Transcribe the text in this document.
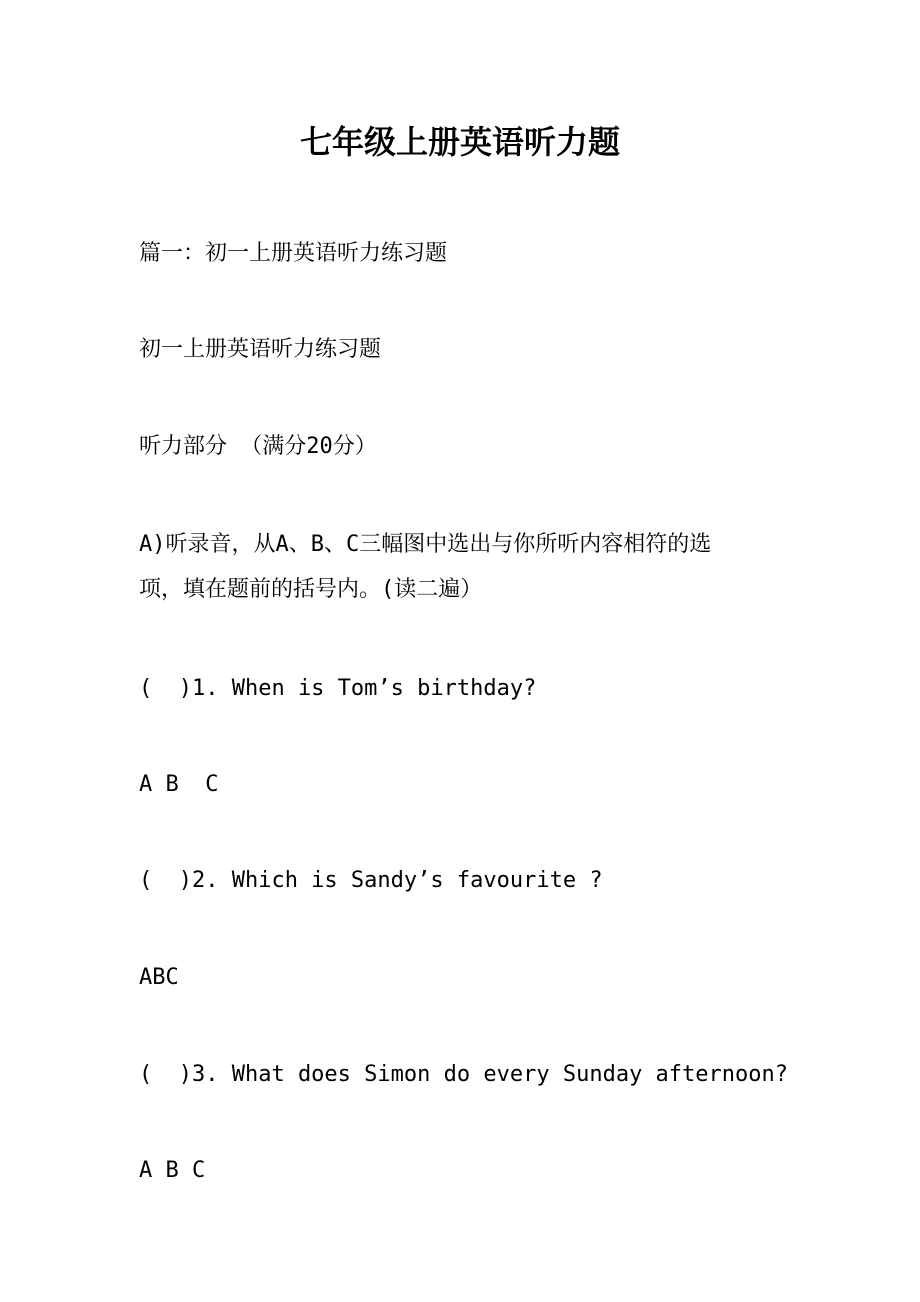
七年级上册英语听力题

篇一：初一上册英语听力练习题

初一上册英语听力练习题

听力部分 （满分20分）

A)听录音，从A、B、C三幅图中选出与你所听内容相符的选
项，填在题前的括号内。(读二遍）

(  )1. When is Tom’s birthday?

A B  C

(  )2. Which is Sandy’s favourite ?

ABC

(  )3. What does Simon do every Sunday afternoon?

A B C
